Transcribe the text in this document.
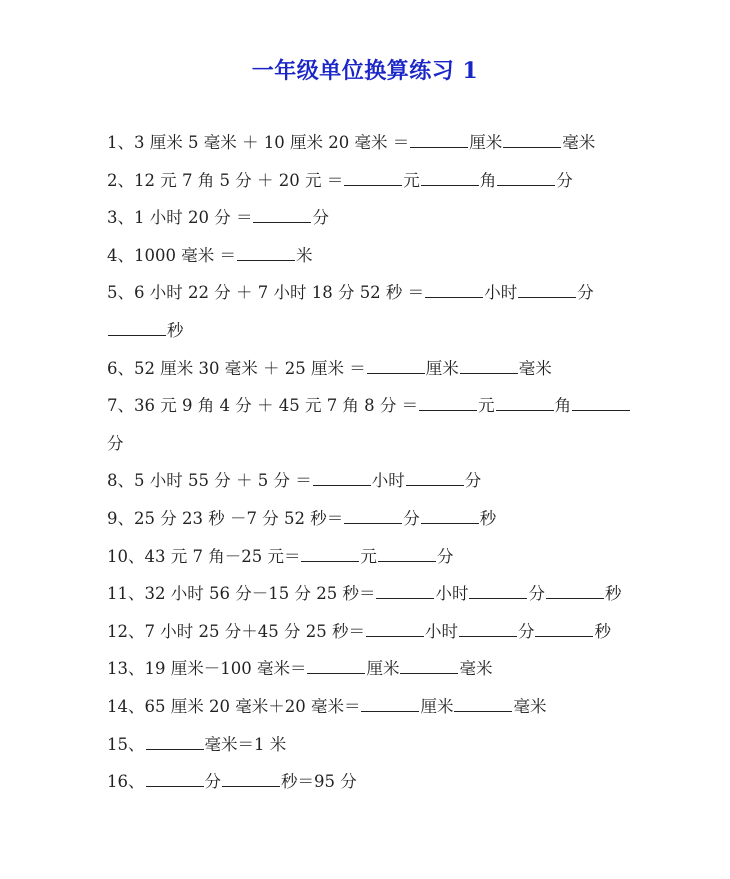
一年级单位换算练习 1
1、3 厘米 5 毫米 ＋ 10 厘米 20 毫米 ＝	厘米	毫米
2、12 元 7 角 5 分 ＋ 20 元 ＝	元	角	分
3、1 小时 20 分 ＝	分
4、1000 毫米 ＝	米
5、6 小时 22 分 ＋ 7 小时 18 分 52 秒 ＝	小时	分
秒
6、52 厘米 30 毫米 ＋ 25 厘米 ＝	厘米	毫米
7、36 元 9 角 4 分 ＋ 45 元 7 角 8 分 ＝	元	角
分
8、5 小时 55 分 ＋ 5 分 ＝	小时	分
9、25 分 23 秒 －7 分 52 秒＝	分	秒
10、43 元 7 角－25 元＝	元	分
11、32 小时 56 分－15 分 25 秒＝	小时	分	秒
12、7 小时 25 分＋45 分 25 秒＝	小时	分	秒
13、19 厘米－100 毫米＝	厘米	毫米
14、65 厘米 20 毫米＋20 毫米＝	厘米	毫米
15、	毫米＝1 米
16、	分	秒＝95 分
